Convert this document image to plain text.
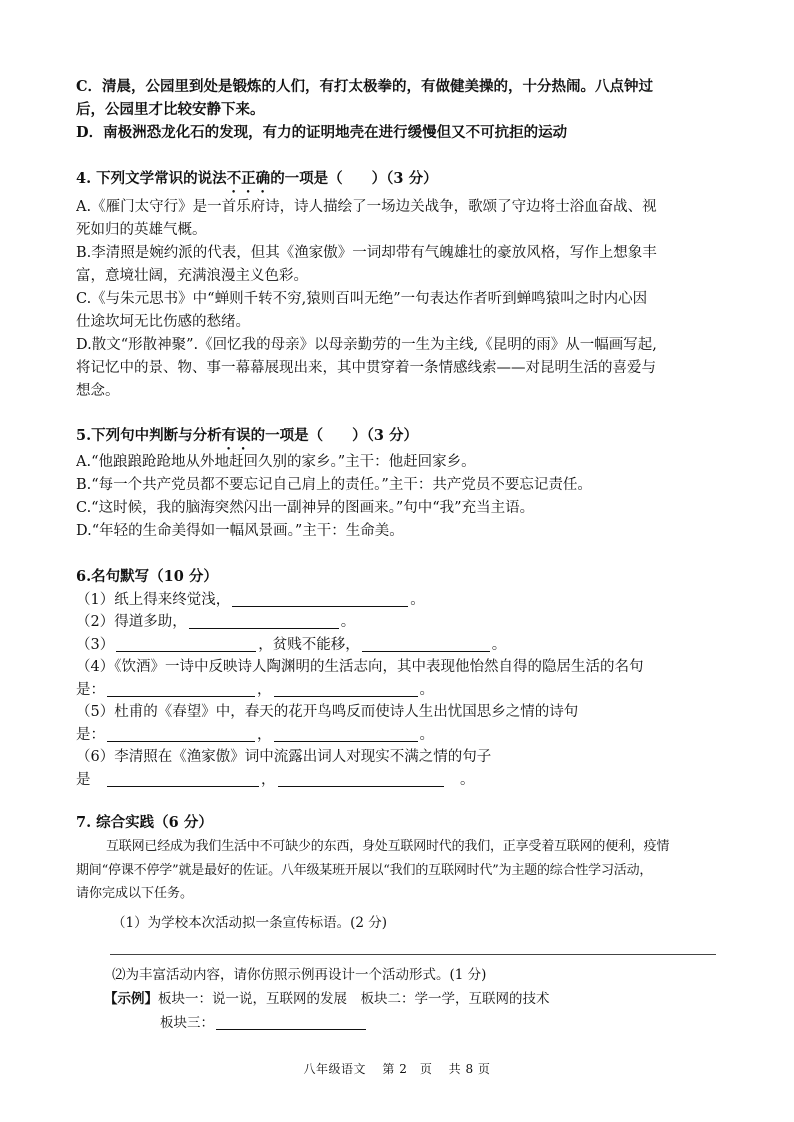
C．清晨，公园里到处是锻炼的人们，有打太极拳的，有做健美操的，十分热闹。八点钟过
后，公园里才比较安静下来。
D．南极洲恐龙化石的发现，有力的证明地壳在进行缓慢但又不可抗拒的运动
4. 下列文学常识的说法不正确的一项是（　　）（3 分）
A.《雁门太守行》是一首乐府诗，诗人描绘了一场边关战争，歌颂了守边将士浴血奋战、视
死如归的英雄气概。
B.李清照是婉约派的代表，但其《渔家傲》一词却带有气魄雄壮的豪放风格，写作上想象丰
富，意境壮阔，充满浪漫主义色彩。
C.《与朱元思书》中“蝉则千转不穷,猿则百叫无绝”一句表达作者听到蝉鸣猿叫之时内心因
仕途坎坷无比伤感的愁绪。
D.散文“形散神聚”.《回忆我的母亲》以母亲勤劳的一生为主线,《昆明的雨》从一幅画写起,
将记忆中的景、物、事一幕幕展现出来，其中贯穿着一条情感线索——对昆明生活的喜爱与
想念。
5.下列句中判断与分析有误的一项是（　　）（3 分）
A.“他踉踉跄跄地从外地赶回久别的家乡。”主干：他赶回家乡。
B.“每一个共产党员都不要忘记自己肩上的责任。”主干：共产党员不要忘记责任。
C.“这时候，我的脑海突然闪出一副神异的图画来。”句中“我”充当主语。
D.“年轻的生命美得如一幅风景画。”主干：生命美。
6.名句默写（10 分）
（1）纸上得来终觉浅，	。
（2）得道多助，	。
（3）	，贫贱不能移，	。
（4）《饮酒》一诗中反映诗人陶渊明的生活志向，其中表现他怡然自得的隐居生活的名句
是：	，	。
（5）杜甫的《春望》中，春天的花开鸟鸣反而使诗人生出忧国思乡之情的诗句
是：	，	。
（6）李清照在《渔家傲》词中流露出词人对现实不满之情的句子
是　	，　	。
7. 综合实践（6 分）
互联网已经成为我们生活中不可缺少的东西，身处互联网时代的我们，正享受着互联网的便利，疫情
期间“停课不停学”就是最好的佐证。八年级某班开展以“我们的互联网时代”为主题的综合性学习活动，
请你完成以下任务。
（1）为学校本次活动拟一条宣传标语。(2 分)
⑵为丰富活动内容，请你仿照示例再设计一个活动形式。(1 分)
【示例】板块一：说一说，互联网的发展　板块二：学一学，互联网的技术
板块三：
八年级语文 第 2　页 共 8 页
